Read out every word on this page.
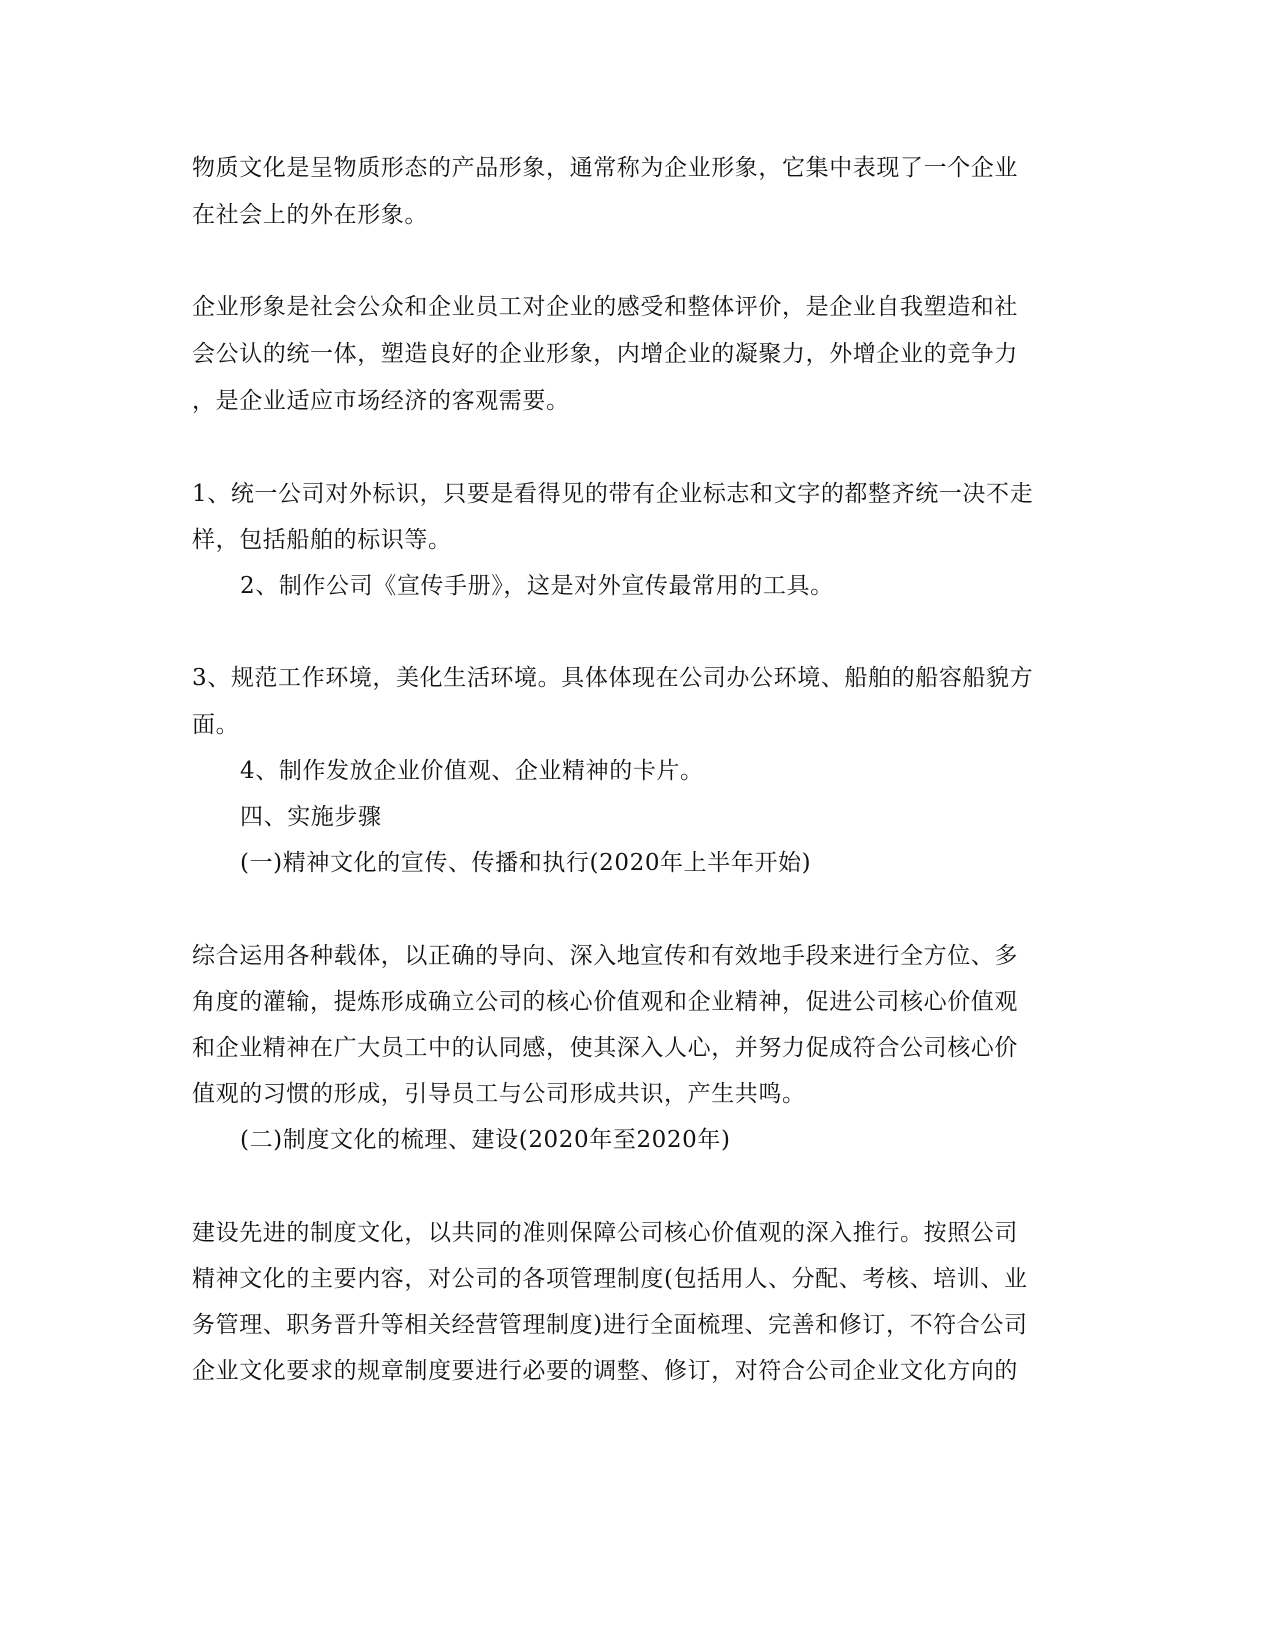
物质文化是呈物质形态的产品形象，通常称为企业形象，它集中表现了一个企业
在社会上的外在形象。
企业形象是社会公众和企业员工对企业的感受和整体评价，是企业自我塑造和社
会公认的统一体，塑造良好的企业形象，内增企业的凝聚力，外增企业的竞争力
，是企业适应市场经济的客观需要。
1、统一公司对外标识，只要是看得见的带有企业标志和文字的都整齐统一决不走
样，包括船舶的标识等。
2、制作公司《宣传手册》，这是对外宣传最常用的工具。
3、规范工作环境，美化生活环境。具体体现在公司办公环境、船舶的船容船貌方
面。
4、制作发放企业价值观、企业精神的卡片。
四、实施步骤
(一)精神文化的宣传、传播和执行(2020年上半年开始)
综合运用各种载体，以正确的导向、深入地宣传和有效地手段来进行全方位、多
角度的灌输，提炼形成确立公司的核心价值观和企业精神，促进公司核心价值观
和企业精神在广大员工中的认同感，使其深入人心，并努力促成符合公司核心价
值观的习惯的形成，引导员工与公司形成共识，产生共鸣。
(二)制度文化的梳理、建设(2020年至2020年)
建设先进的制度文化，以共同的准则保障公司核心价值观的深入推行。按照公司
精神文化的主要内容，对公司的各项管理制度(包括用人、分配、考核、培训、业
务管理、职务晋升等相关经营管理制度)进行全面梳理、完善和修订，不符合公司
企业文化要求的规章制度要进行必要的调整、修订，对符合公司企业文化方向的
